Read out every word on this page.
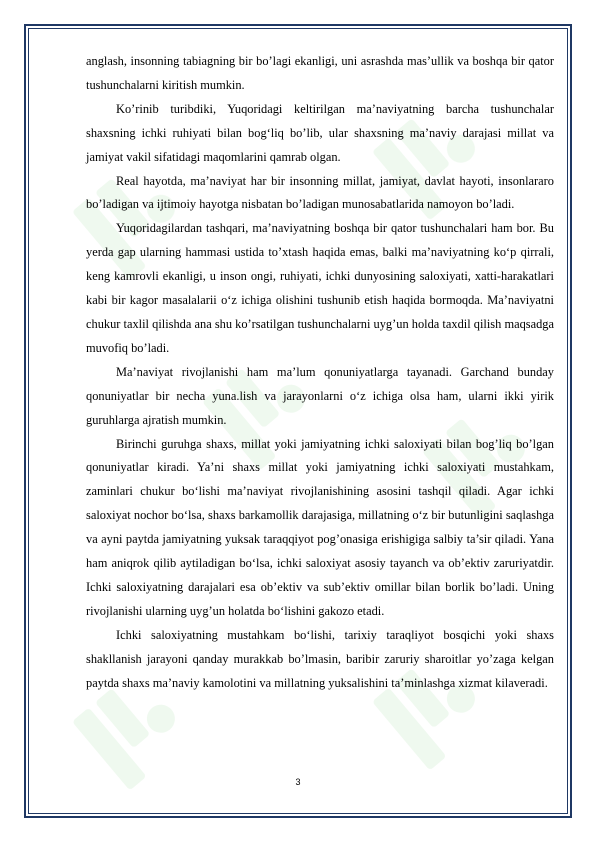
anglash, insonning tabiagning bir bo’lagi ekanligi, uni asrashda mas’ullik va boshqa bir qator tushunchalarni kiritish mumkin.

Ko’rinib turibdiki, Yuqoridagi keltirilgan ma’naviyatning barcha tushunchalar shaxsning ichki ruhiyati bilan bog‘liq bo’lib, ular shaxsning ma’naviy darajasi millat va jamiyat vakil sifatidagi maqomlarini qamrab olgan.

Real hayotda, ma’naviyat har bir insonning millat, jamiyat, davlat hayoti, insonlararo bo’ladigan va ijtimoiy hayotga nisbatan bo’ladigan munosabatlarida namoyon bo’ladi.

Yuqoridagilardan tashqari, ma’naviyatning boshqa bir qator tushunchalari ham bor. Bu yerda gap ularning hammasi ustida to’xtash haqida emas, balki ma’naviyatning ko‘p qirrali, keng kamrovli ekanligi, u inson ongi, ruhiyati, ichki dunyosining saloxiyati, xatti-harakatlari kabi bir kagor masalalarii o‘z ichiga olishini tushunib etish haqida bormoqda. Ma’naviyatni chukur taxlil qilishda ana shu ko’rsatilgan tushunchalarni uyg’un holda taxdil qilish maqsadga muvofiq bo’ladi.

Ma’naviyat rivojlanishi ham ma’lum qonuniyatlarga tayanadi. Garchand bunday qonuniyatlar bir necha yuna.lish va jarayonlarni o‘z ichiga olsa ham, ularni ikki yirik guruhlarga ajratish mumkin.

Birinchi guruhga shaxs, millat yoki jamiyatning ichki saloxiyati bilan bog’liq bo’lgan qonuniyatlar kiradi. Ya’ni shaxs millat yoki jamiyatning ichki saloxiyati mustahkam, zaminlari chukur bo‘lishi ma’naviyat rivojlanishining asosini tashqil qiladi. Agar ichki saloxiyat nochor bo‘lsa, shaxs barkamollik darajasiga, millatning o‘z bir butunligini saqlashga va ayni paytda jamiyatning yuksak taraqqiyot pog’onasiga erishigiga salbiy ta’sir qiladi. Yana ham aniqrok qilib aytiladigan bo‘lsa, ichki saloxiyat asosiy tayanch va ob’ektiv zaruriyatdir. Ichki saloxiyatning darajalari esa ob’ektiv va sub’ektiv omillar bilan borlik bo’ladi. Uning rivojlanishi ularning uyg’un holatda bo‘lishini gakozo etadi.

Ichki saloxiyatning mustahkam bo‘lishi, tarixiy taraqliyot bosqichi yoki shaxs shakllanish jarayoni qanday murakkab bo’lmasin, baribir zaruriy sharoitlar yo’zaga kelgan paytda shaxs ma’naviy kamolotini va millatning yuksalishini ta’minlashga xizmat kilaveradi.

3
